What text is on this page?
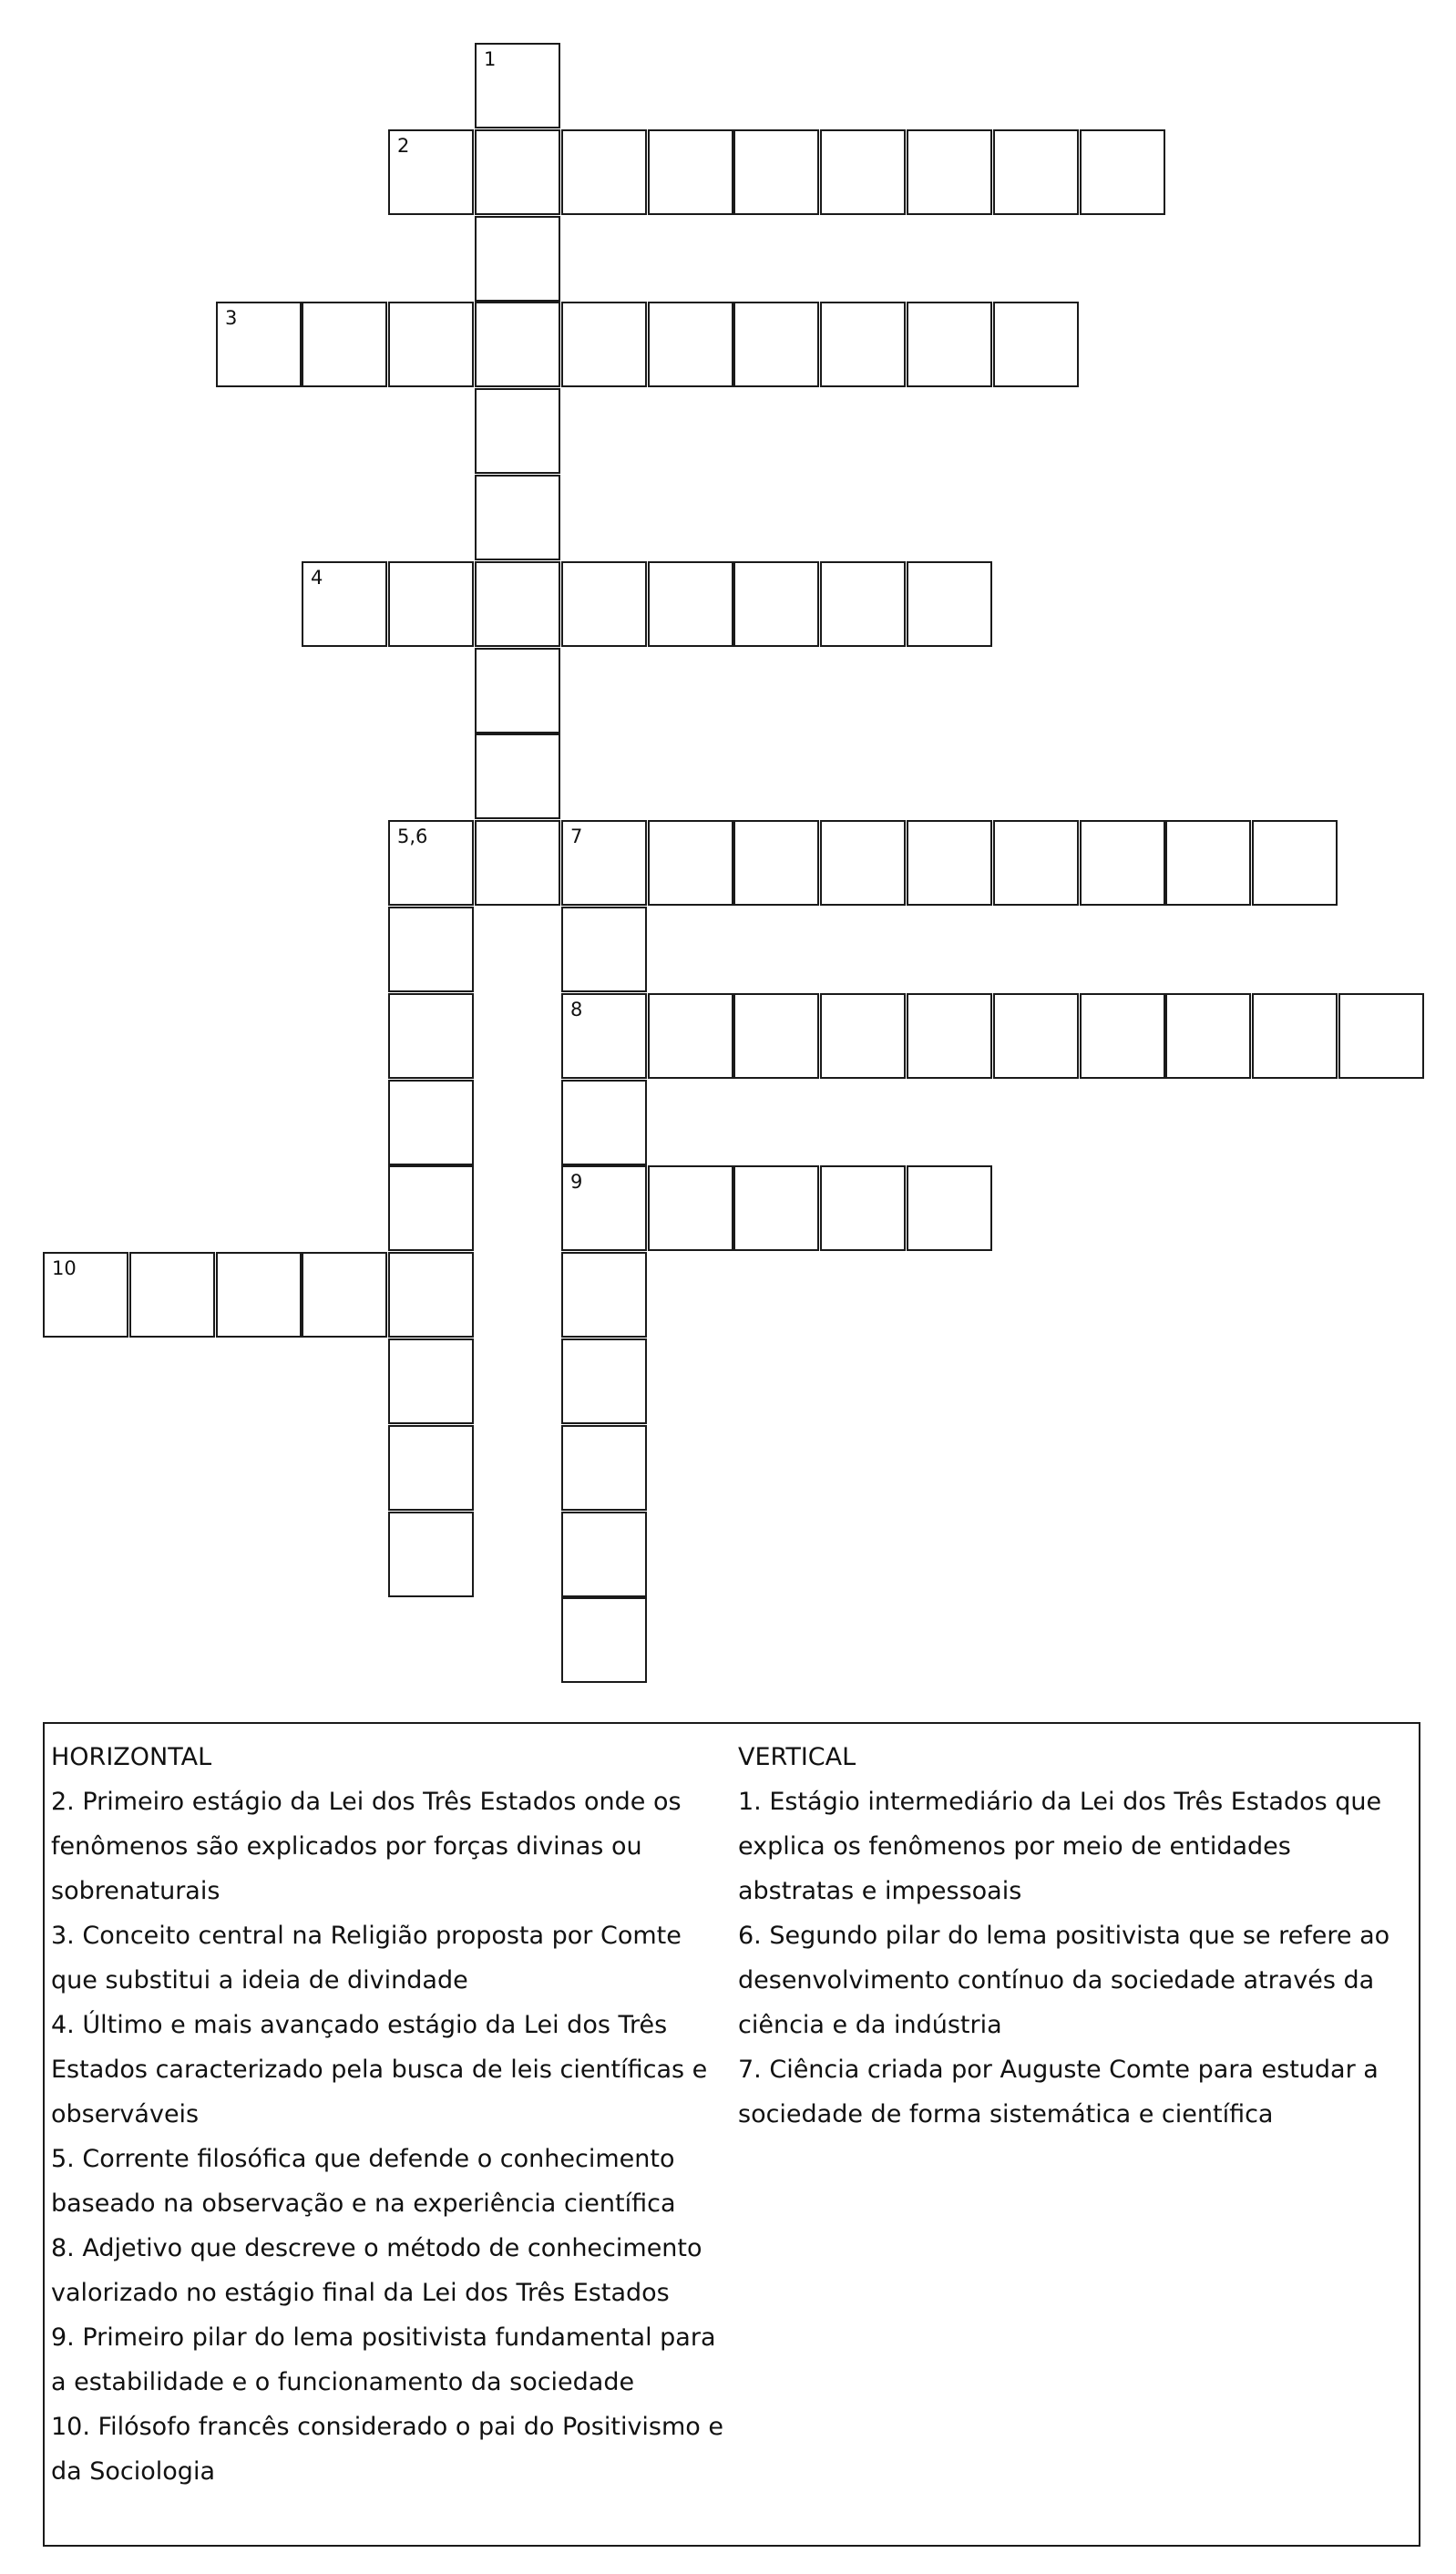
1
2
3
4
5,6	7
8
9
10
HORIZONTAL
2. Primeiro estágio da Lei dos Três Estados onde os fenômenos são explicados por forças divinas ou sobrenaturais
3. Conceito central na Religião proposta por Comte que substitui a ideia de divindade
4. Último e mais avançado estágio da Lei dos Três Estados caracterizado pela busca de leis científicas e observáveis
5. Corrente filosófica que defende o conhecimento baseado na observação e na experiência científica
8. Adjetivo que descreve o método de conhecimento valorizado no estágio final da Lei dos Três Estados
9. Primeiro pilar do lema positivista fundamental para a estabilidade e o funcionamento da sociedade
10. Filósofo francês considerado o pai do Positivismo e da Sociologia
VERTICAL
1. Estágio intermediário da Lei dos Três Estados que explica os fenômenos por meio de entidades abstratas e impessoais
6. Segundo pilar do lema positivista que se refere ao desenvolvimento contínuo da sociedade através da ciência e da indústria
7. Ciência criada por Auguste Comte para estudar a sociedade de forma sistemática e científica
